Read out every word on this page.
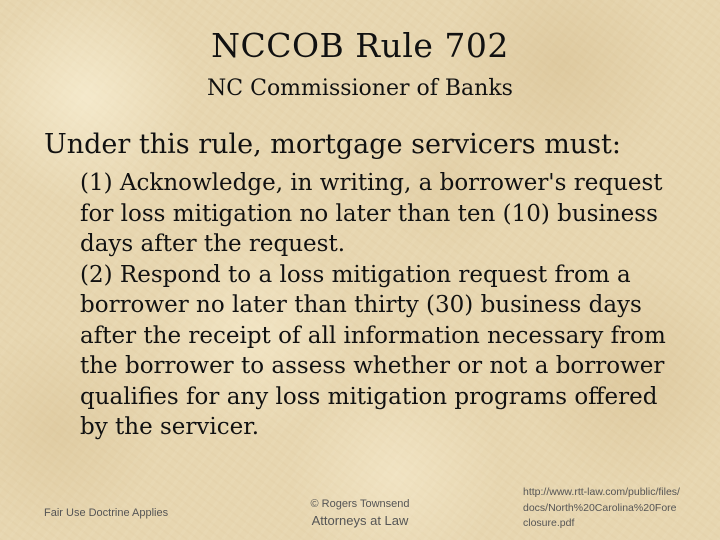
NCCOB Rule 702
NC Commissioner of Banks
Under this rule, mortgage servicers must:

(1) Acknowledge, in writing, a borrower's request for loss mitigation no later than ten (10) business days after the request.

(2) Respond to a loss mitigation request from a borrower no later than thirty (30) business days after the receipt of all information necessary from the borrower to assess whether or not a borrower qualifies for any loss mitigation programs offered by the servicer.

Fair Use Doctrine Applies
© Rogers Townsend
Attorneys at Law
http://www.rtt-law.com/public/files/docs/North%20Carolina%20Foreclosure.pdf
